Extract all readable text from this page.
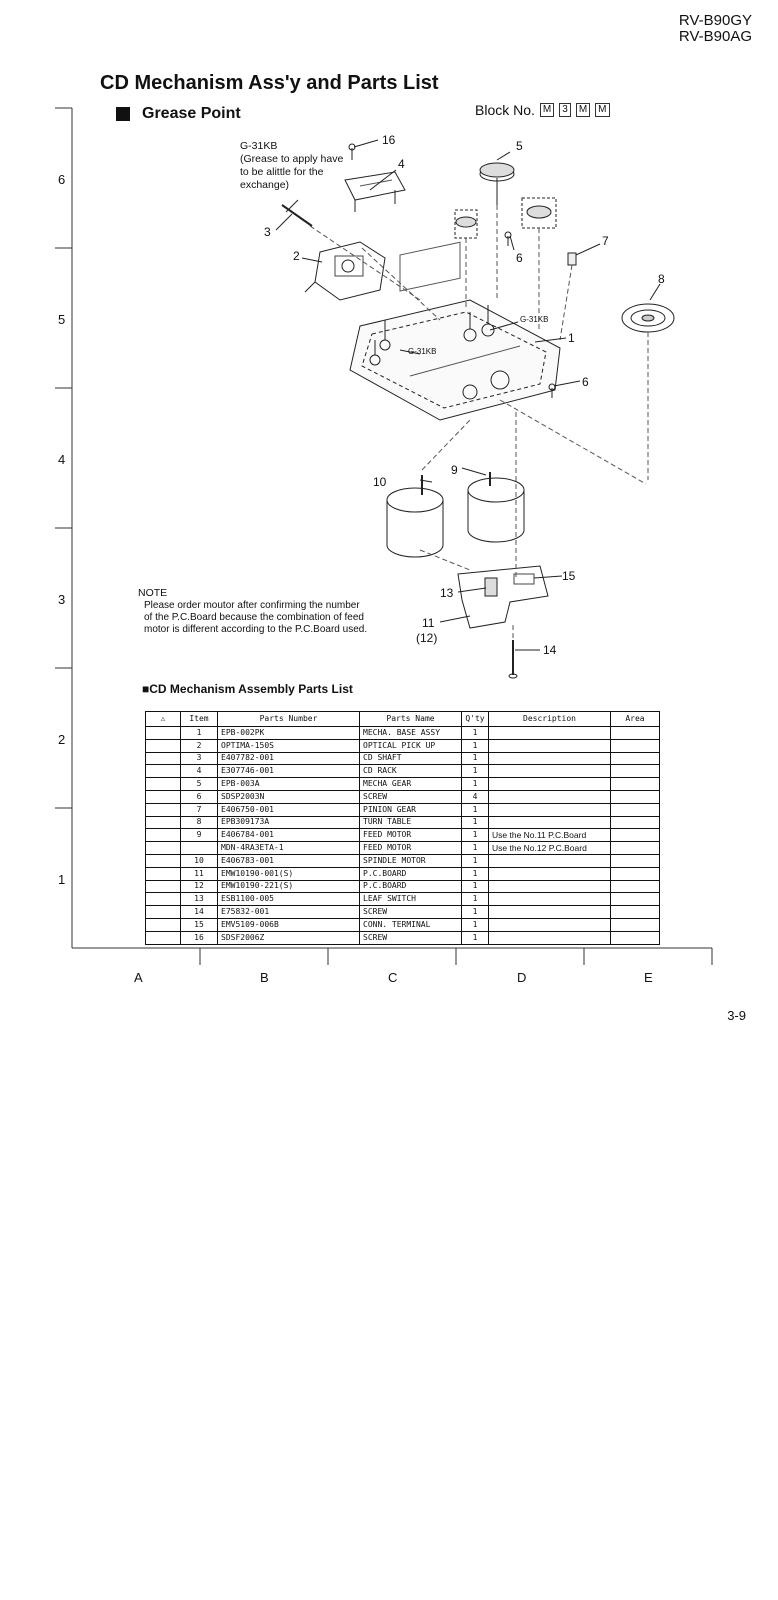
RV-B90GY
RV-B90AG
CD Mechanism Ass'y and Parts List
Grease Point	Block No. M	3	M	M
6
5
4
3
2
1
A	B	C	D	E
16
4
5
3
2	6
7
8
1
6
10
9
15
13
11
(12)
14
G-31KB
G-31KB
G-31KB
(Grease to apply have
to be alittle for the
exchange)
NOTE
Please order moutor after confirming the number
of the P.C.Board because the combination of feed
motor is different according to the P.C.Board used.
■CD Mechanism Assembly Parts List
⚠	Item	Parts Number	Parts Name	Q'ty	Description	Area
	1	EPB-002PK	MECHA. BASE ASSY	1		
	2	OPTIMA-150S	OPTICAL PICK UP	1		
	3	E407782-001	CD SHAFT	1		
	4	E307746-001	CD RACK	1		
	5	EPB-003A	MECHA GEAR	1		
	6	SDSP2003N	SCREW	4		
	7	E406750-001	PINION GEAR	1		
	8	EPB309173A	TURN TABLE	1		
	9	E406784-001	FEED MOTOR	1	Use the No.11 P.C.Board	
		MDN-4RA3ETA-1	FEED MOTOR	1	Use the No.12 P.C.Board	
	10	E406783-001	SPINDLE MOTOR	1		
	11	EMW10190-001(S)	P.C.BOARD	1		
	12	EMW10190-221(S)	P.C.BOARD	1		
	13	ESB1100-005	LEAF SWITCH	1		
	14	E75832-001	SCREW	1		
	15	EMV5109-006B	CONN. TERMINAL	1		
	16	SDSF2006Z	SCREW	1		
3-9
